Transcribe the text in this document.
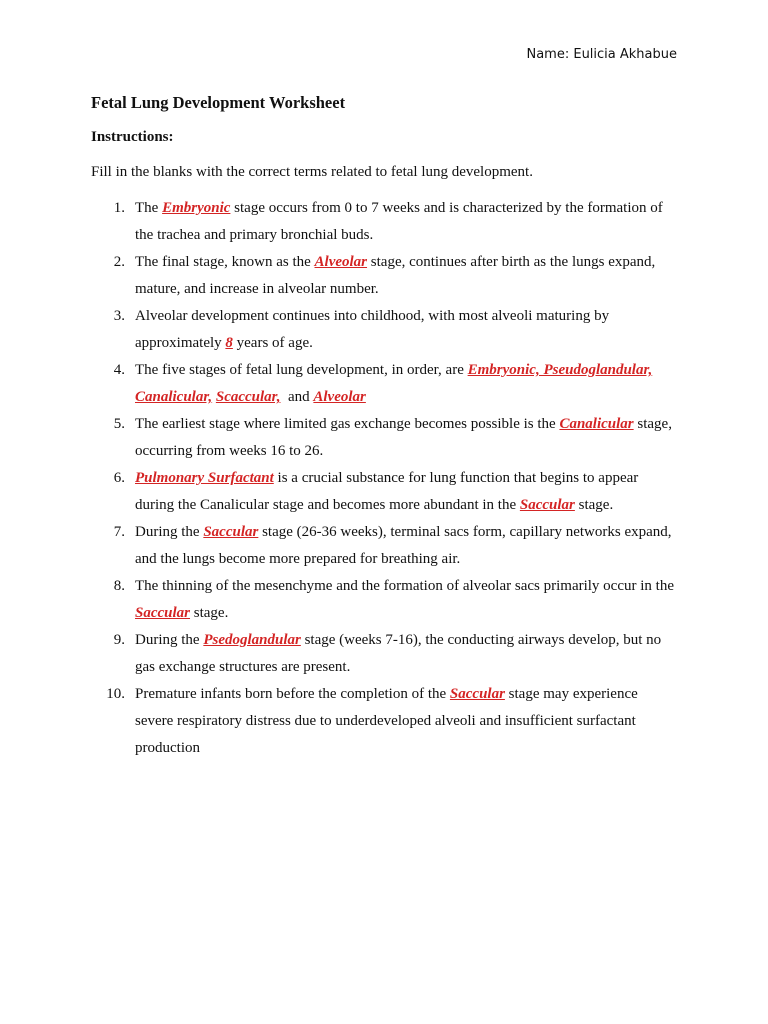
Name: Eulicia Akhabue
Fetal Lung Development Worksheet
Instructions:
Fill in the blanks with the correct terms related to fetal lung development.
1. The Embryonic stage occurs from 0 to 7 weeks and is characterized by the formation of the trachea and primary bronchial buds.
2. The final stage, known as the Alveolar stage, continues after birth as the lungs expand, mature, and increase in alveolar number.
3. Alveolar development continues into childhood, with most alveoli maturing by approximately 8 years of age.
4. The five stages of fetal lung development, in order, are Embryonic, Pseudoglandular, Canalicular, Scaccular,  and Alveolar
5. The earliest stage where limited gas exchange becomes possible is the Canalicular stage, occurring from weeks 16 to 26.
6. Pulmonary Surfactant is a crucial substance for lung function that begins to appear during the Canalicular stage and becomes more abundant in the Saccular stage.
7. During the Saccular stage (26-36 weeks), terminal sacs form, capillary networks expand, and the lungs become more prepared for breathing air.
8. The thinning of the mesenchyme and the formation of alveolar sacs primarily occur in the Saccular stage.
9. During the Psedoglandular stage (weeks 7-16), the conducting airways develop, but no gas exchange structures are present.
10. Premature infants born before the completion of the Saccular stage may experience severe respiratory distress due to underdeveloped alveoli and insufficient surfactant production
